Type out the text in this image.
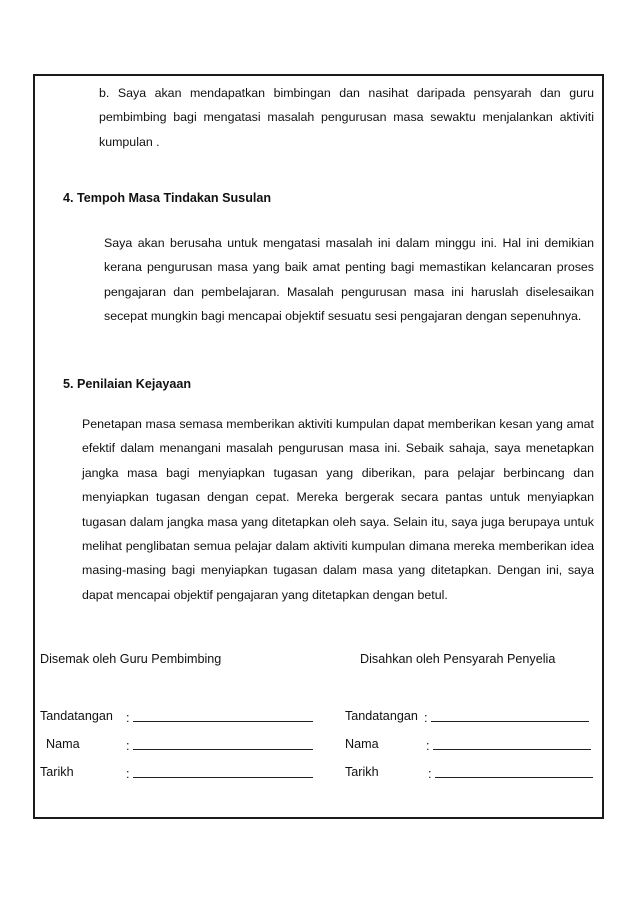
b. Saya akan mendapatkan bimbingan dan nasihat daripada pensyarah dan guru pembimbing bagi mengatasi masalah pengurusan masa sewaktu menjalankan aktiviti kumpulan .
4. Tempoh Masa Tindakan Susulan
Saya akan berusaha untuk mengatasi masalah ini dalam minggu ini. Hal ini demikian kerana pengurusan masa yang baik amat penting bagi memastikan kelancaran proses pengajaran dan pembelajaran. Masalah pengurusan masa ini haruslah diselesaikan secepat mungkin bagi mencapai objektif sesuatu sesi pengajaran dengan sepenuhnya.
5. Penilaian Kejayaan
Penetapan masa semasa memberikan aktiviti kumpulan dapat memberikan kesan yang amat efektif dalam menangani masalah pengurusan masa ini. Sebaik sahaja, saya menetapkan jangka masa bagi menyiapkan tugasan yang diberikan, para pelajar berbincang dan menyiapkan tugasan dengan cepat. Mereka bergerak secara pantas untuk menyiapkan tugasan dalam jangka masa yang ditetapkan oleh saya. Selain itu, saya juga berupaya untuk melihat penglibatan semua pelajar dalam aktiviti kumpulan dimana mereka memberikan idea masing-masing bagi menyiapkan tugasan dalam masa yang ditetapkan. Dengan ini, saya dapat mencapai objektif pengajaran yang ditetapkan dengan betul.
Disemak oleh Guru Pembimbing	Disahkan oleh Pensyarah Penyelia
Tandatangan :
Nama	:
Tarikh	:
Tandatangan :
Nama	:
Tarikh	:
